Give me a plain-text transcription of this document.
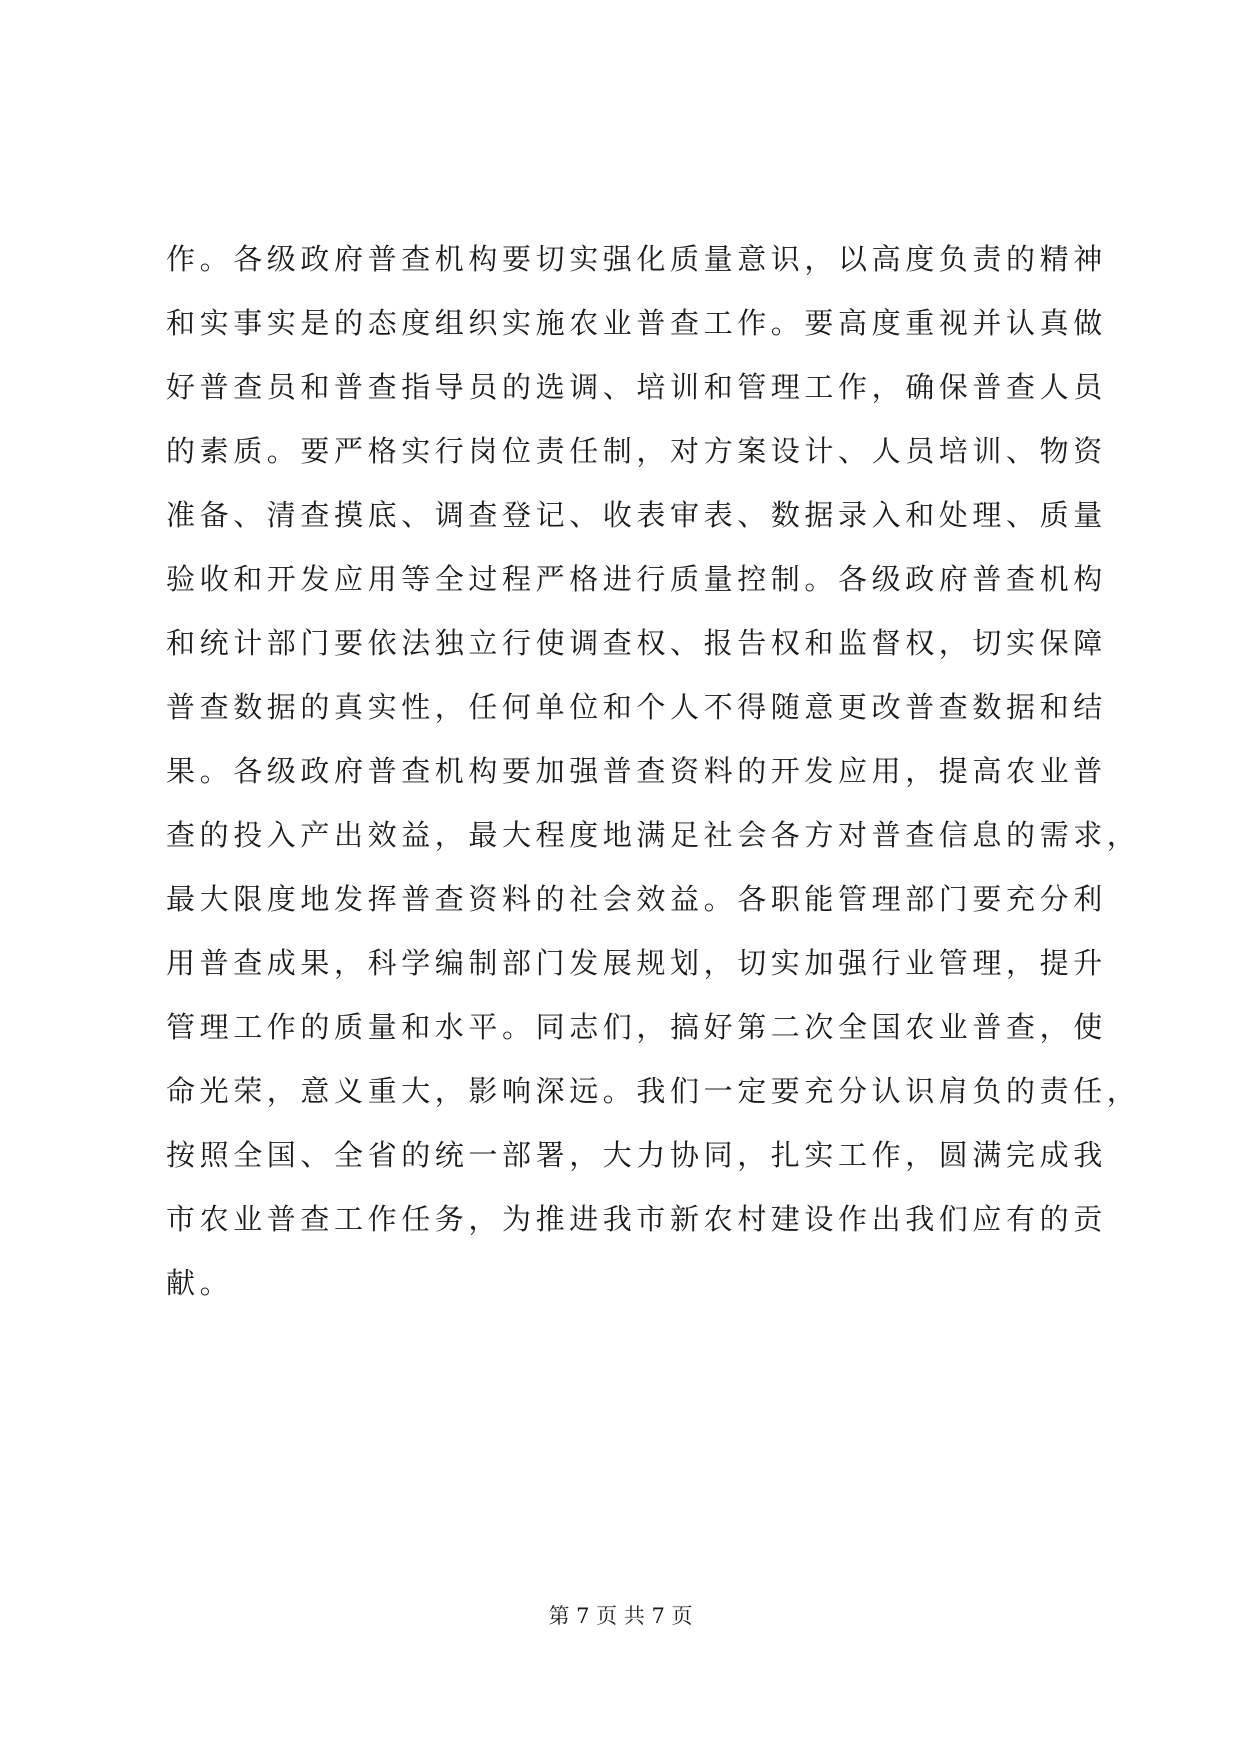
作。各级政府普查机构要切实强化质量意识，以高度负责的精神
和实事实是的态度组织实施农业普查工作。要高度重视并认真做
好普查员和普查指导员的选调、培训和管理工作，确保普查人员
的素质。要严格实行岗位责任制，对方案设计、人员培训、物资
准备、清查摸底、调查登记、收表审表、数据录入和处理、质量
验收和开发应用等全过程严格进行质量控制。各级政府普查机构
和统计部门要依法独立行使调查权、报告权和监督权，切实保障
普查数据的真实性，任何单位和个人不得随意更改普查数据和结
果。各级政府普查机构要加强普查资料的开发应用，提高农业普
查的投入产出效益，最大程度地满足社会各方对普查信息的需求，
最大限度地发挥普查资料的社会效益。各职能管理部门要充分利
用普查成果，科学编制部门发展规划，切实加强行业管理，提升
管理工作的质量和水平。同志们，搞好第二次全国农业普查，使
命光荣，意义重大，影响深远。我们一定要充分认识肩负的责任，
按照全国、全省的统一部署，大力协同，扎实工作，圆满完成我
市农业普查工作任务，为推进我市新农村建设作出我们应有的贡
献。
第 7 页 共 7 页
